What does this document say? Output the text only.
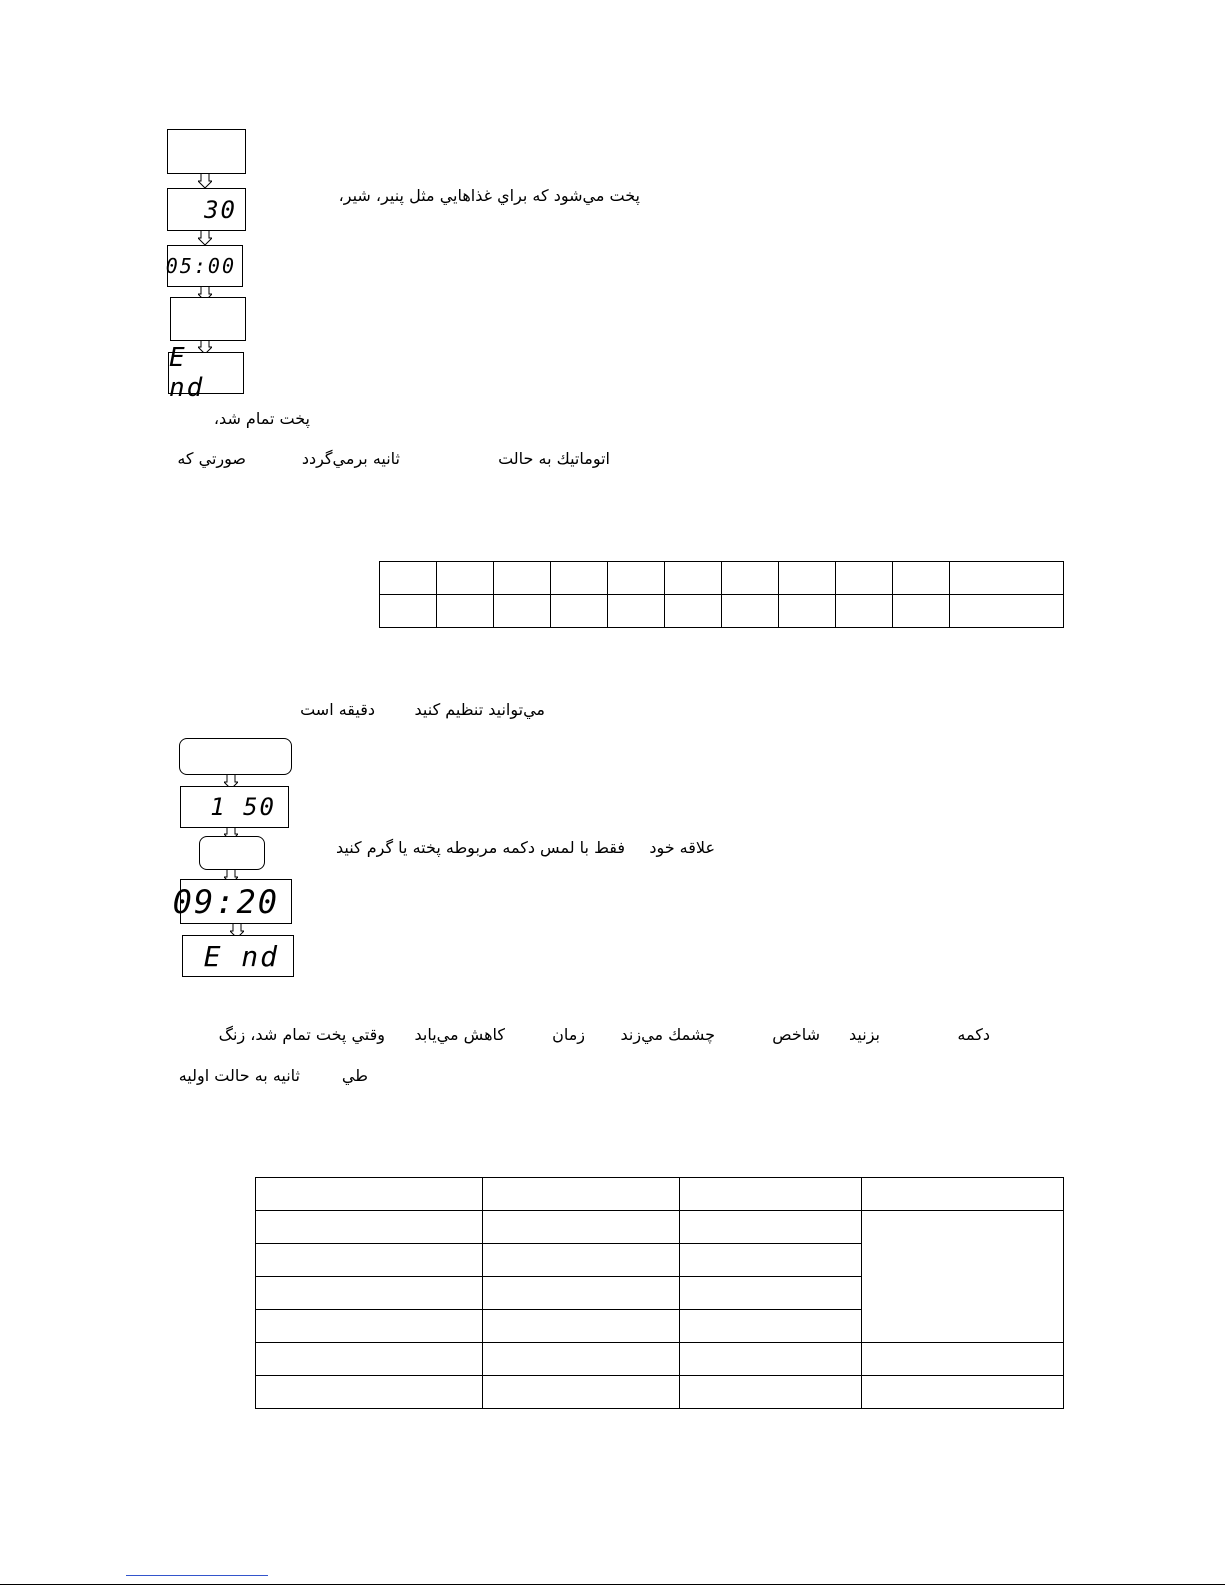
30
05:00
E nd
پخت مي‌شود كه براي غذاهايي مثل پنير، شير،
پخت تمام شد،
اتوماتيك به حالت
ثانيه برمي‌گردد
صورتي كه

مي‌توانيد تنظيم كنيد
دقيقه است
1 50
09:20
E nd
علاقه خود
فقط با لمس دكمه مربوطه پخته يا گرم كنيد
دكمه
بزنيد
شاخص
چشمك مي‌زند
زمان
كاهش مي‌يابد
وقتي پخت تمام شد، زنگ
طي
ثانيه به حالت اوليه
